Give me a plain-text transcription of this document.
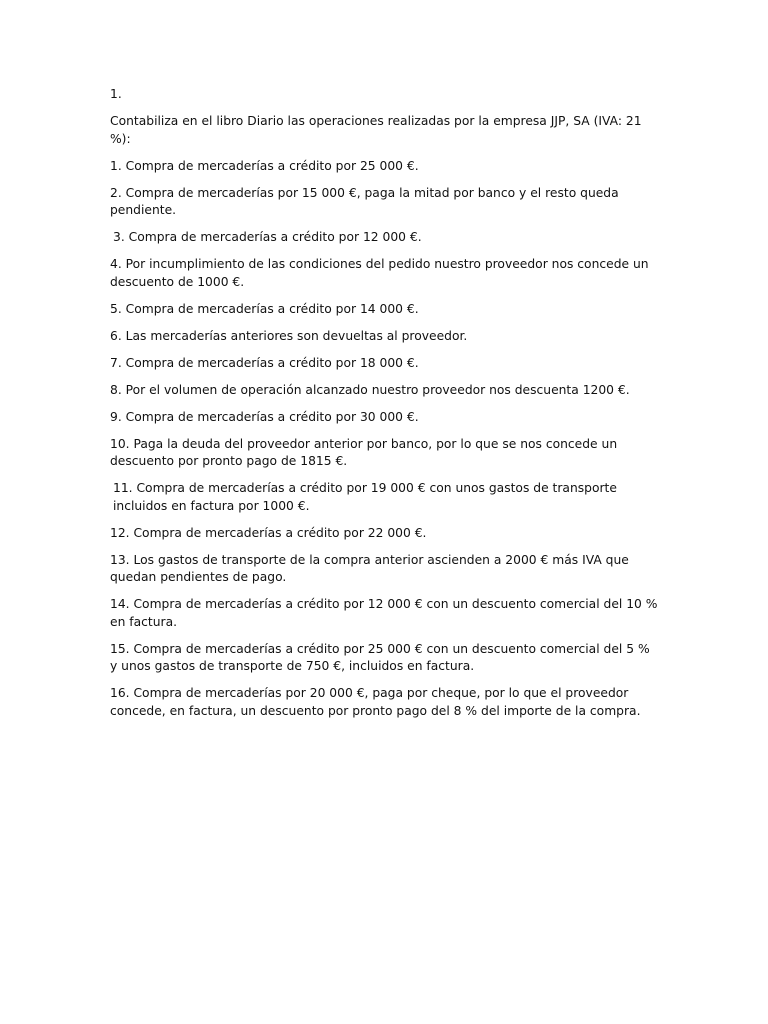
1.

Contabiliza en el libro Diario las operaciones realizadas por la empresa JJP, SA (IVA: 21 %):

1. Compra de mercaderías a crédito por 25 000 €.

2. Compra de mercaderías por 15 000 €, paga la mitad por banco y el resto queda pendiente.

3. Compra de mercaderías a crédito por 12 000 €.

4. Por incumplimiento de las condiciones del pedido nuestro proveedor nos concede un descuento de 1000 €.

5. Compra de mercaderías a crédito por 14 000 €.

6. Las mercaderías anteriores son devueltas al proveedor.

7. Compra de mercaderías a crédito por 18 000 €.

8. Por el volumen de operación alcanzado nuestro proveedor nos descuenta 1200 €.

9. Compra de mercaderías a crédito por 30 000 €.

10. Paga la deuda del proveedor anterior por banco, por lo que se nos concede un descuento por pronto pago de 1815 €.

11. Compra de mercaderías a crédito por 19 000 € con unos gastos de transporte incluidos en factura por 1000 €.

12. Compra de mercaderías a crédito por 22 000 €.

13. Los gastos de transporte de la compra anterior ascienden a 2000 € más IVA que quedan pendientes de pago.

14. Compra de mercaderías a crédito por 12 000 € con un descuento comercial del 10 % en factura.

15. Compra de mercaderías a crédito por 25 000 € con un descuento comercial del 5 % y unos gastos de transporte de 750 €, incluidos en factura.

16. Compra de mercaderías por 20 000 €, paga por cheque, por lo que el proveedor concede, en factura, un descuento por pronto pago del 8 % del importe de la compra.
